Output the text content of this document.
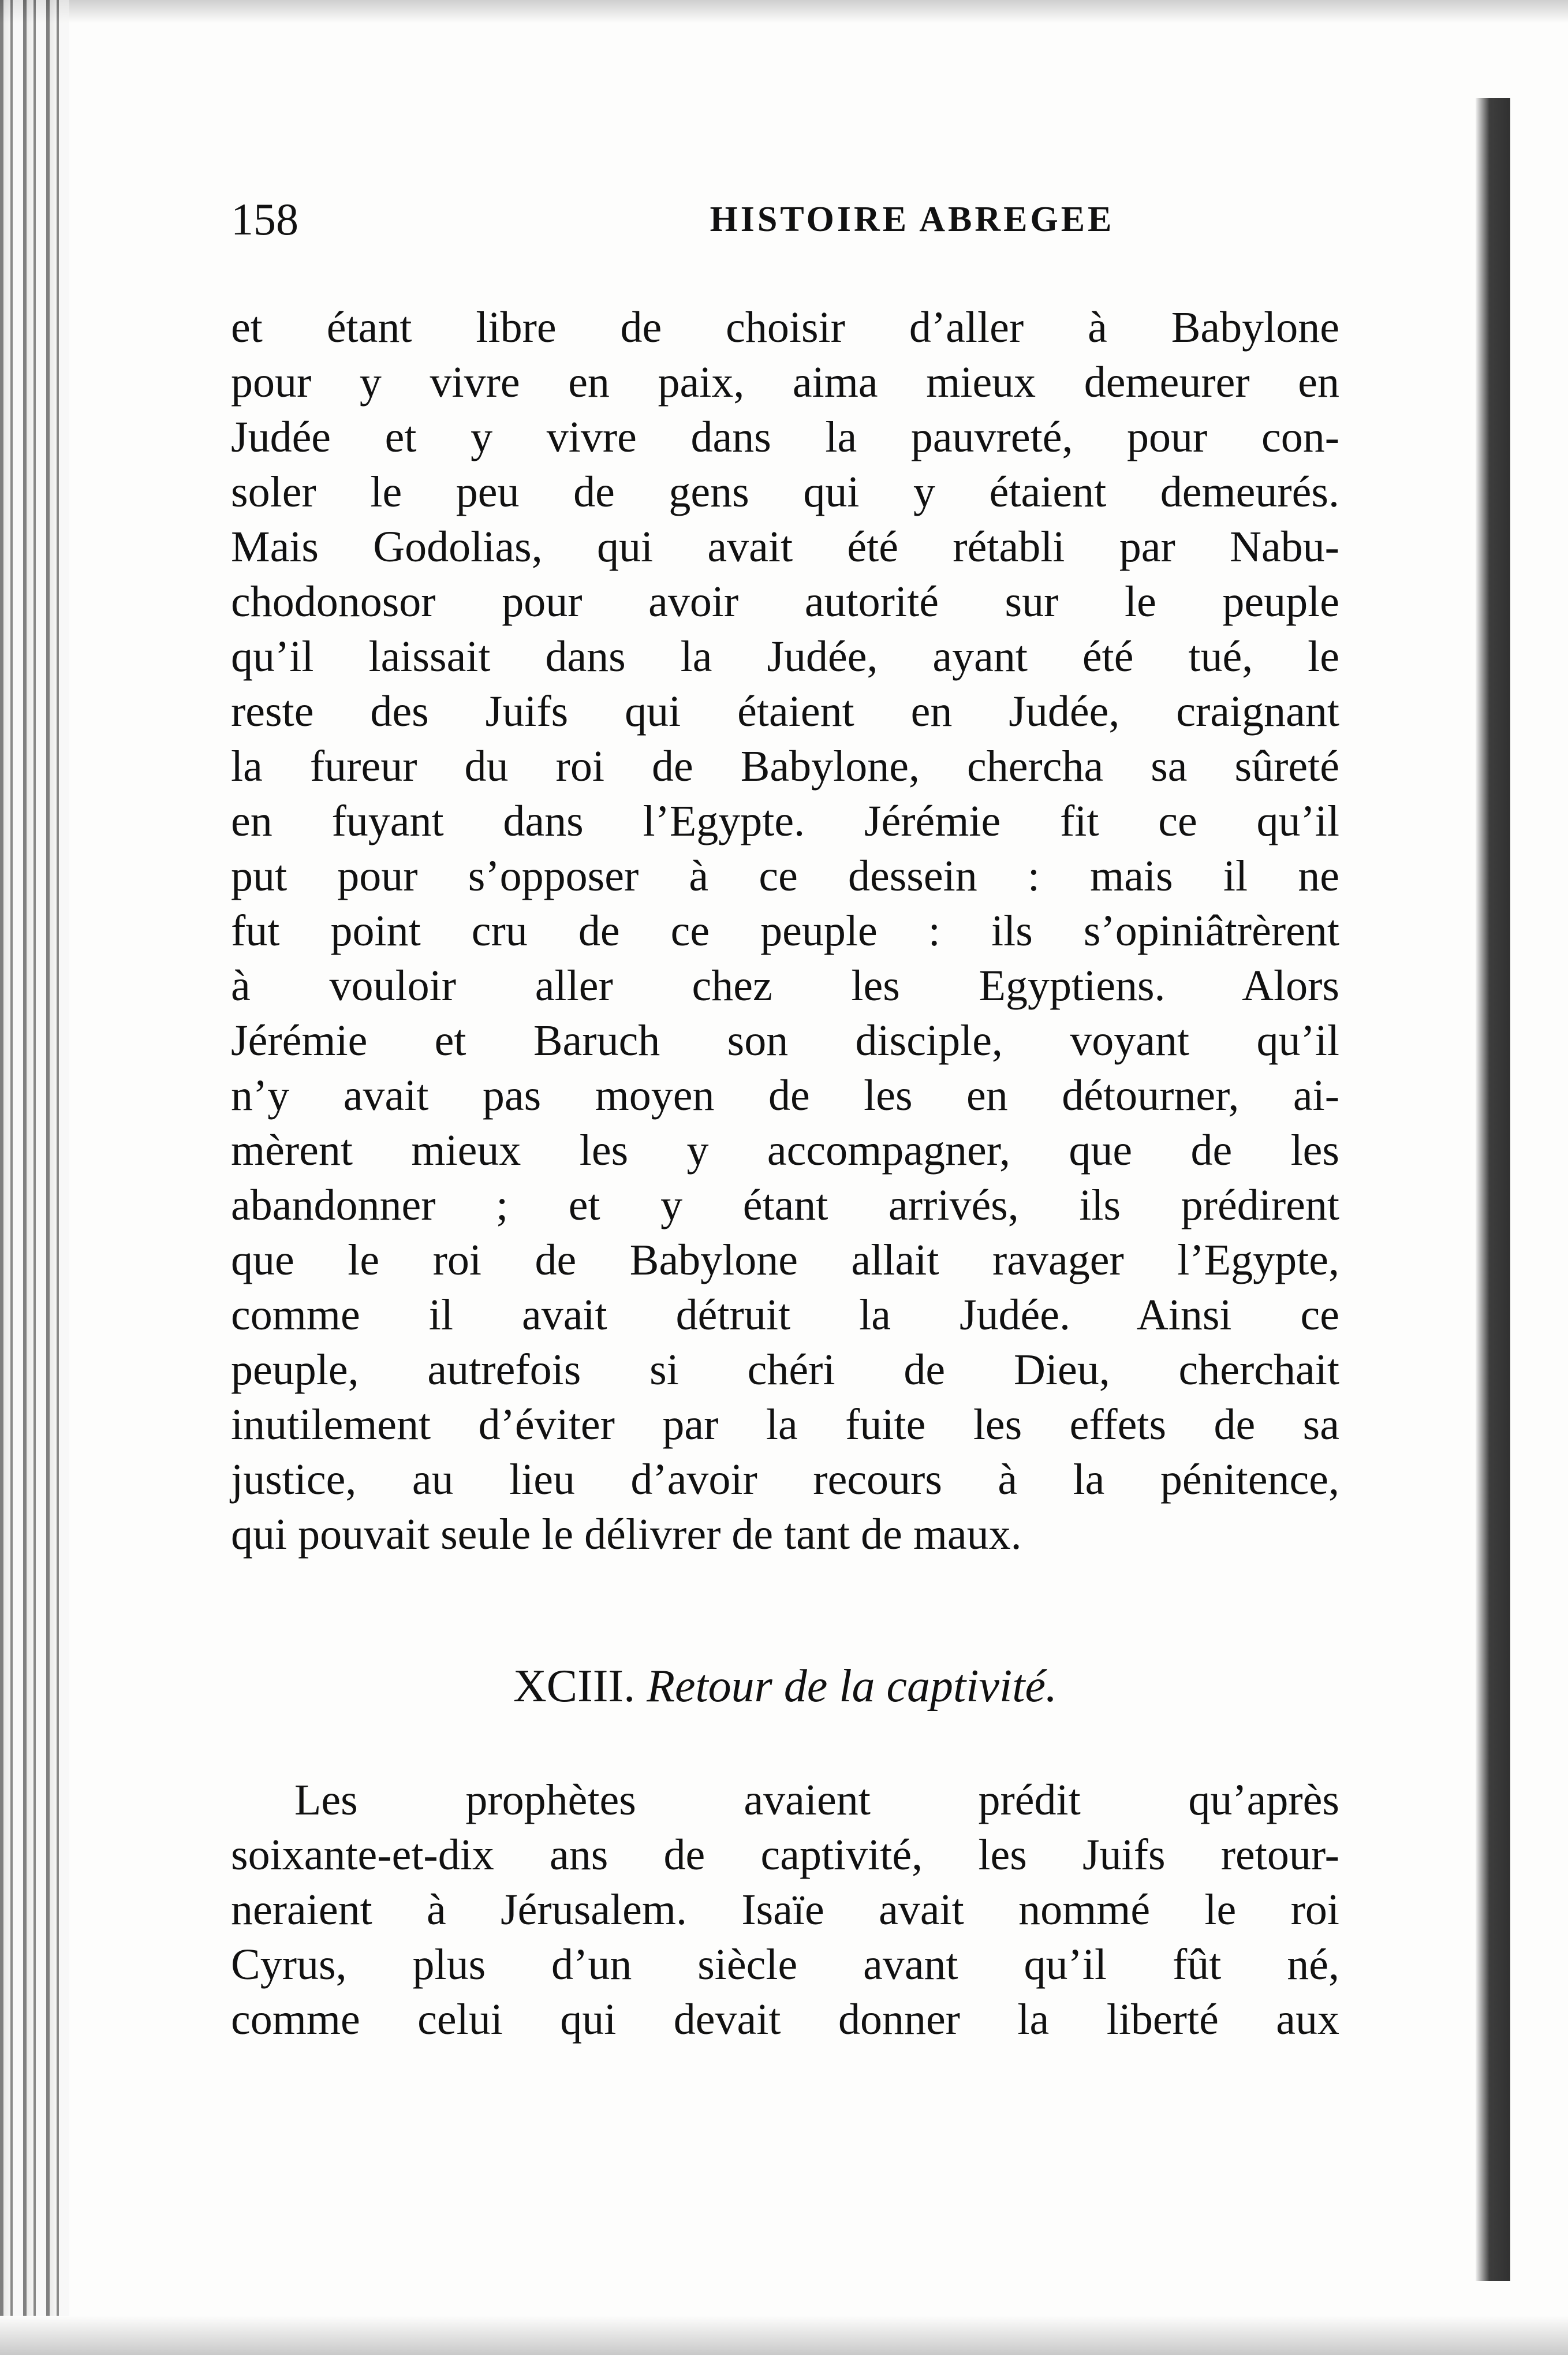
158	HISTOIRE ABREGEE
et étant libre de choisir d’aller à Babylone
pour y vivre en paix, aima mieux demeurer en
Judée et y vivre dans la pauvreté, pour con-
soler le peu de gens qui y étaient demeurés.
Mais Godolias, qui avait été rétabli par Nabu-
chodonosor pour avoir autorité sur le peuple
qu’il laissait dans la Judée, ayant été tué, le
reste des Juifs qui étaient en Judée, craignant
la fureur du roi de Babylone, chercha sa sûreté
en fuyant dans l’Egypte. Jérémie fit ce qu’il
put pour s’opposer à ce dessein : mais il ne
fut point cru de ce peuple : ils s’opiniâtrèrent
à vouloir aller chez les Egyptiens. Alors
Jérémie et Baruch son disciple, voyant qu’il
n’y avait pas moyen de les en détourner, ai-
mèrent mieux les y accompagner, que de les
abandonner ; et y étant arrivés, ils prédirent
que le roi de Babylone allait ravager l’Egypte,
comme il avait détruit la Judée. Ainsi ce
peuple, autrefois si chéri de Dieu, cherchait
inutilement d’éviter par la fuite les effets de sa
justice, au lieu d’avoir recours à la pénitence,
qui pouvait seule le délivrer de tant de maux.
XCIII. Retour de la captivité.
Les prophètes avaient prédit qu’après
soixante-et-dix ans de captivité, les Juifs retour-
neraient à Jérusalem. Isaïe avait nommé le roi
Cyrus, plus d’un siècle avant qu’il fût né,
comme celui qui devait donner la liberté aux
